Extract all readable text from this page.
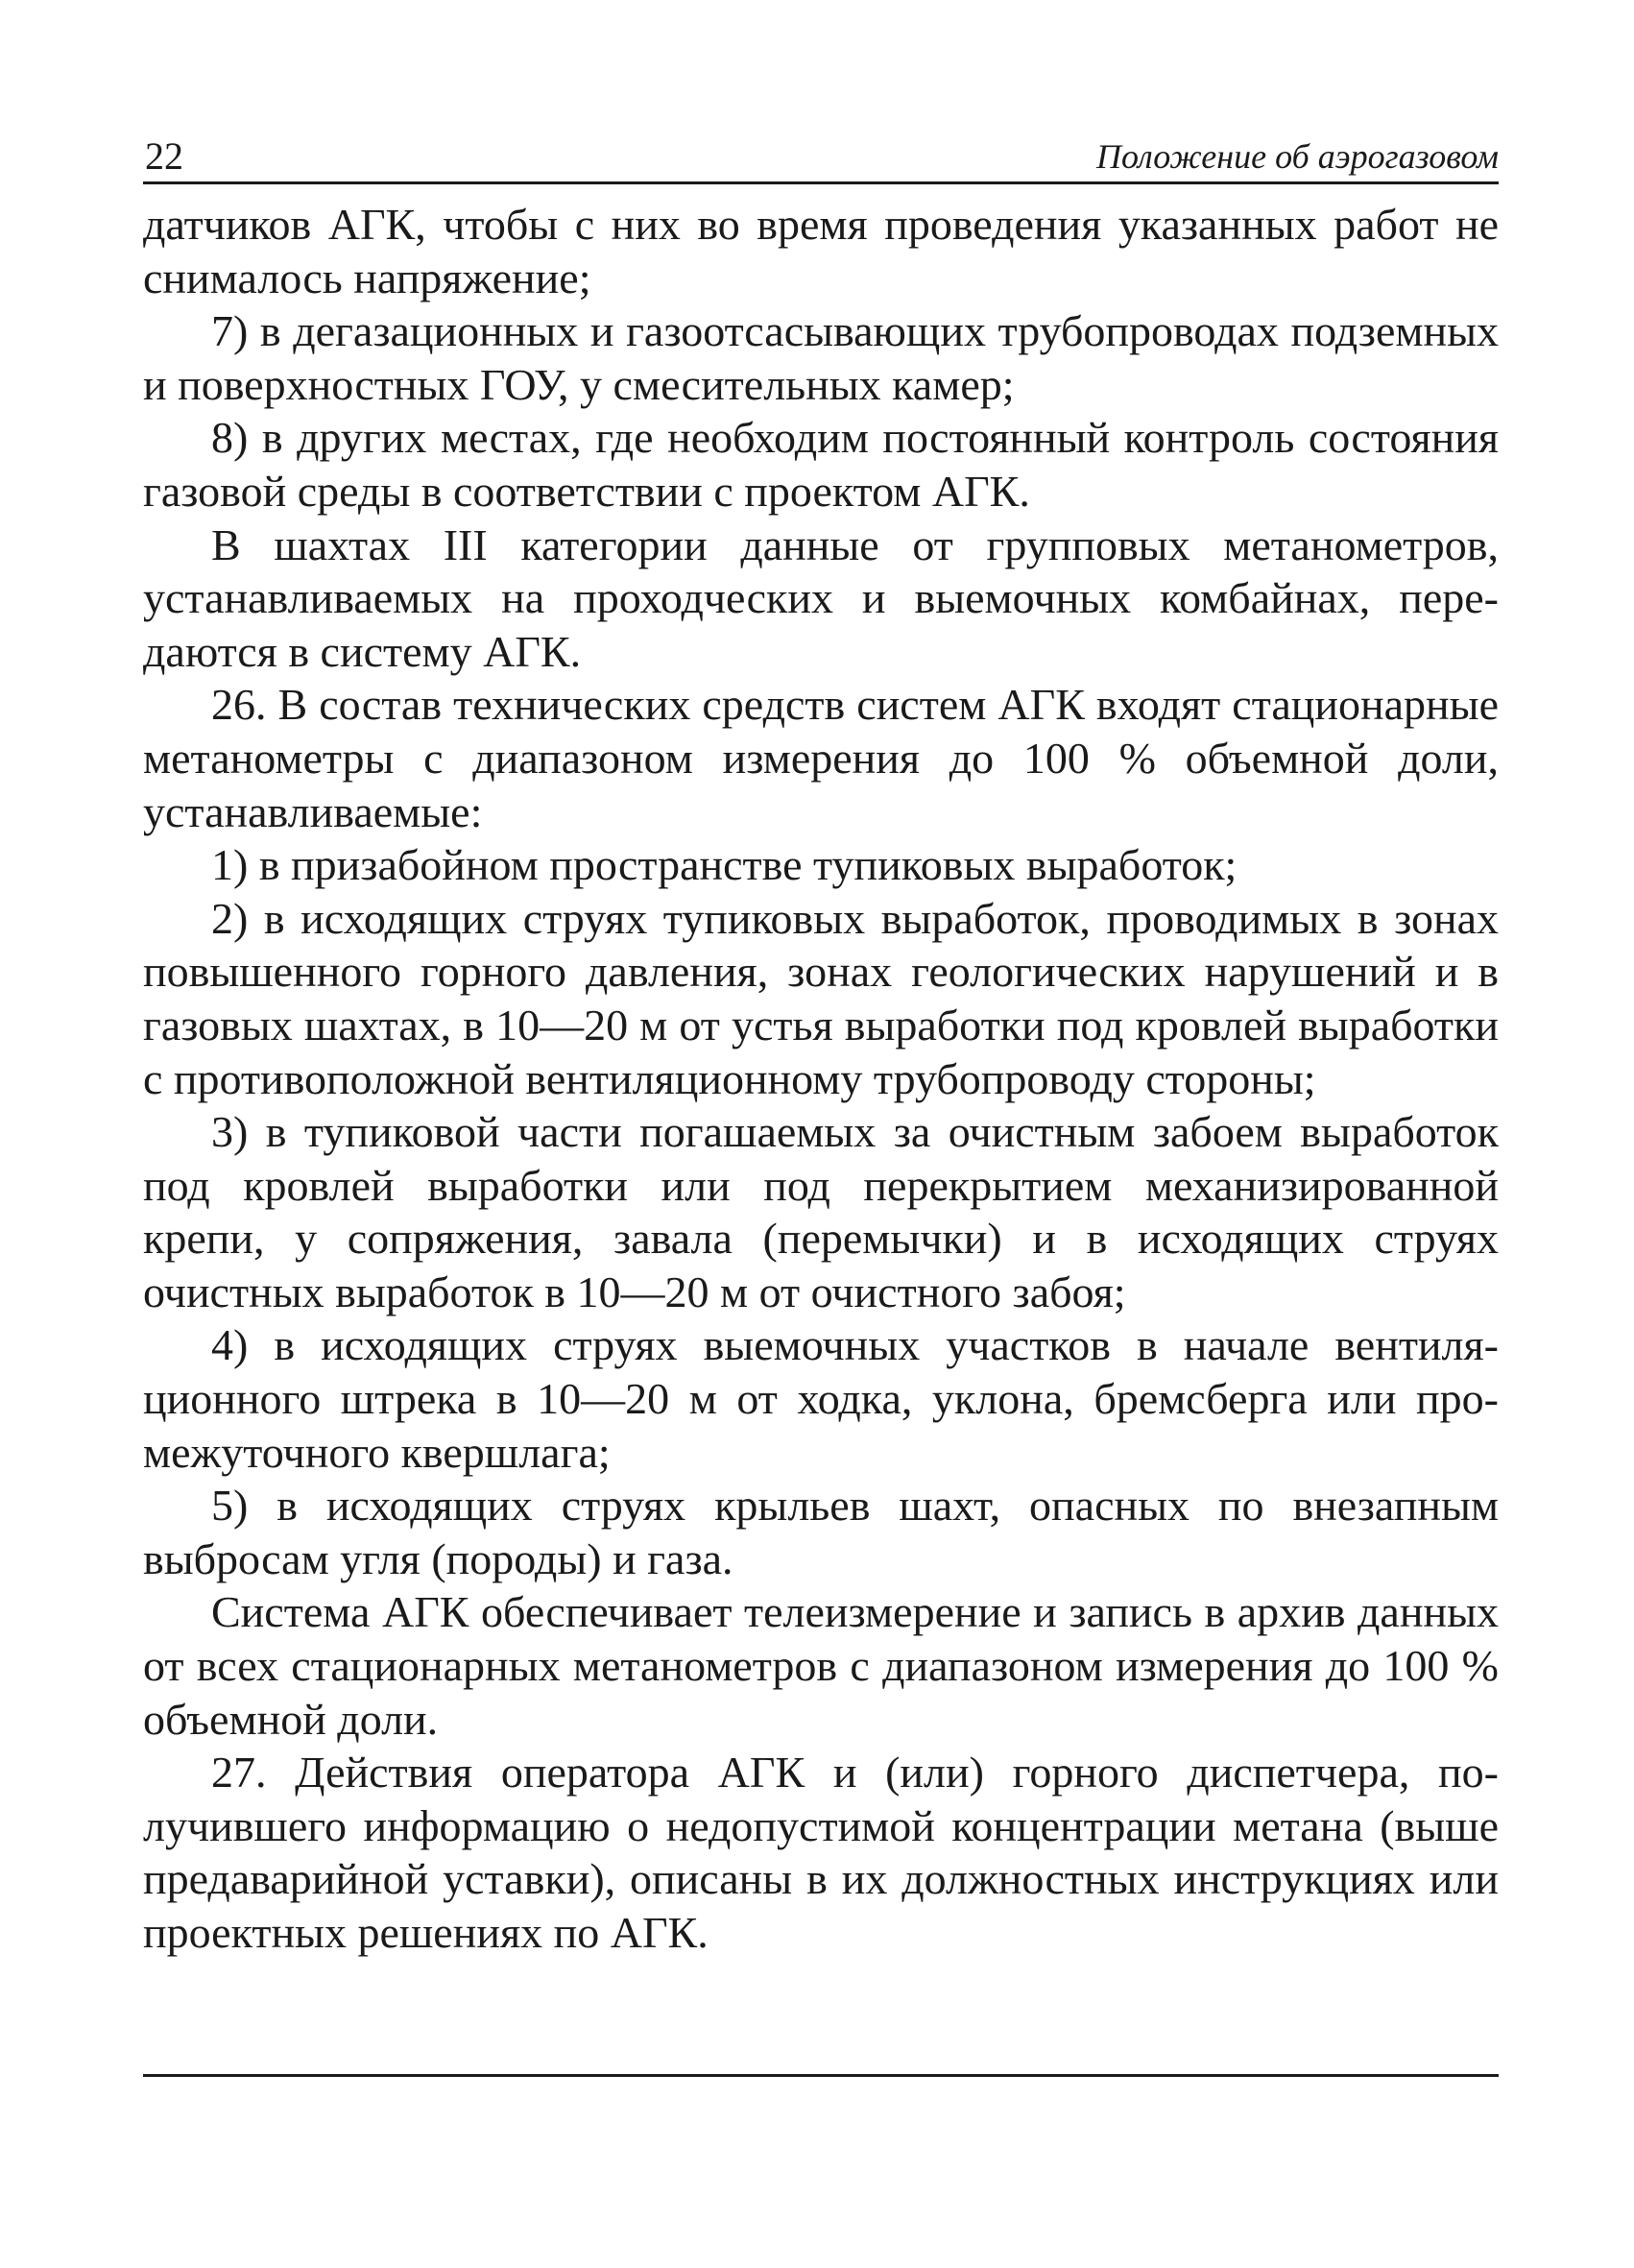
22	Положение об аэрогазовом

датчиков АГК, чтобы с них во время проведения указанных работ не снималось напряжение;

7) в дегазационных и газоотсасывающих трубопроводах подземных и поверхностных ГОУ, у смесительных камер;

8) в других местах, где необходим постоянный контроль состояния газовой среды в соответствии с проектом АГК.

В шахтах III категории данные от групповых метанометров, устанавливаемых на проходческих и выемочных комбайнах, передаются в систему АГК.

26. В состав технических средств систем АГК входят стационарные метанометры с диапазоном измерения до 100 % объемной доли, устанавливаемые:

1) в призабойном пространстве тупиковых выработок;

2) в исходящих струях тупиковых выработок, проводимых в зонах повышенного горного давления, зонах геологических нарушений и в газовых шахтах, в 10—20 м от устья выработки под кровлей выработки с противоположной вентиляционному трубопроводу стороны;

3) в тупиковой части погашаемых за очистным забоем выработок под кровлей выработки или под перекрытием механизированной крепи, у сопряжения, завала (перемычки) и в исходящих струях очистных выработок в 10—20 м от очистного забоя;

4) в исходящих струях выемочных участков в начале вентиляционного штрека в 10—20 м от ходка, уклона, бремсберга или промежуточного квершлага;

5) в исходящих струях крыльев шахт, опасных по внезапным выбросам угля (породы) и газа.

Система АГК обеспечивает телеизмерение и запись в архив данных от всех стационарных метанометров с диапазоном измерения до 100 % объемной доли.

27. Действия оператора АГК и (или) горного диспетчера, получившего информацию о недопустимой концентрации метана (выше предаварийной уставки), описаны в их должностных инструкциях или проектных решениях по АГК.
